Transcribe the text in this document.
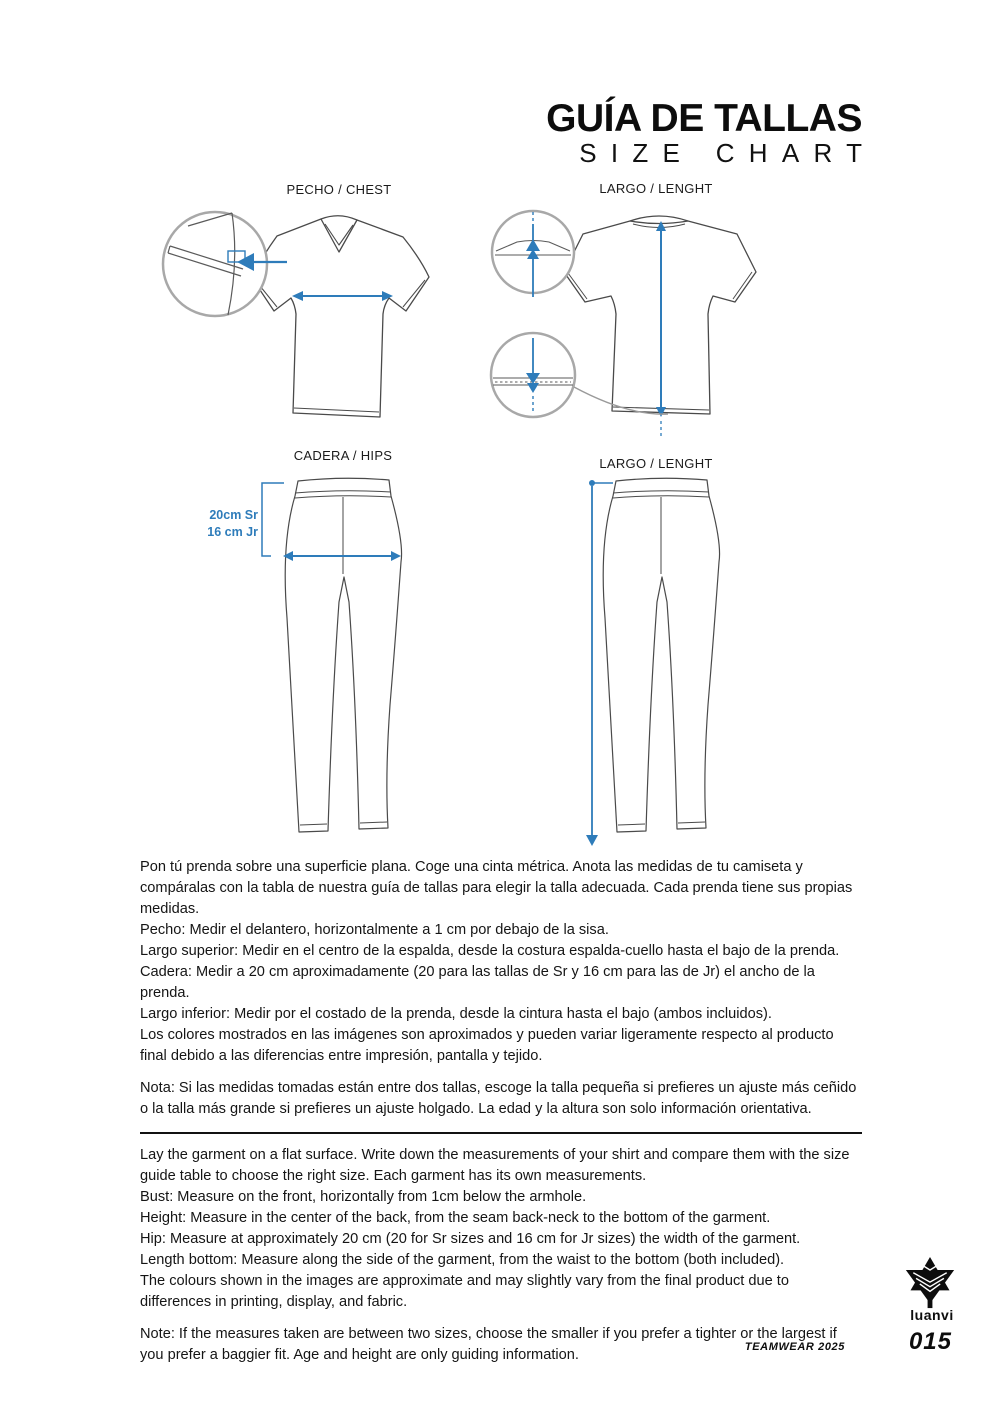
GUÍA DE TALLAS
SIZE CHART
PECHO / CHEST	LARGO / LENGHT
CADERA / HIPS
LARGO / LENGHT
20cm Sr
16 cm Jr

Pon tú prenda sobre una superficie plana. Coge una cinta métrica. Anota las medidas de tu camiseta y compáralas con la tabla de nuestra guía de tallas para elegir la talla adecuada. Cada prenda tiene sus propias medidas.

Pecho: Medir el delantero, horizontalmente a 1 cm por debajo de la sisa.

Largo superior: Medir en el centro de la espalda, desde la costura espalda-cuello hasta el bajo de la prenda.

Cadera: Medir a 20 cm aproximadamente (20 para las tallas de Sr y 16 cm para las de Jr) el ancho de la prenda.

Largo inferior: Medir por el costado de la prenda, desde la cintura hasta el bajo (ambos incluidos).

Los colores mostrados en las imágenes son aproximados y pueden variar ligeramente respecto al producto final debido a las diferencias entre impresión, pantalla y tejido.

Nota: Si las medidas tomadas están entre dos tallas, escoge la talla pequeña si prefieres un ajuste más ceñido o la talla más grande si prefieres un ajuste holgado. La edad y la altura son solo información orientativa.

Lay the garment on a flat surface. Write down the measurements of your shirt and compare them with the size guide table to choose the right size. Each garment has its own measurements.

Bust: Measure on the front, horizontally from 1cm below the armhole.

Height: Measure in the center of the back, from the seam back-neck to the bottom of the garment.

Hip: Measure at approximately 20 cm (20 for Sr sizes and 16 cm for Jr sizes) the width of the garment.

Length bottom: Measure along the side of the garment, from the waist to the bottom (both included).

The colours shown in the images are approximate and may slightly vary from the final product due to differences in printing, display, and fabric.

Note: If the measures taken are between two sizes, choose the smaller if you prefer a tighter or the largest if you prefer a baggier fit. Age and height are only guiding information.	TEAMWEAR 2025	015
luanvi
